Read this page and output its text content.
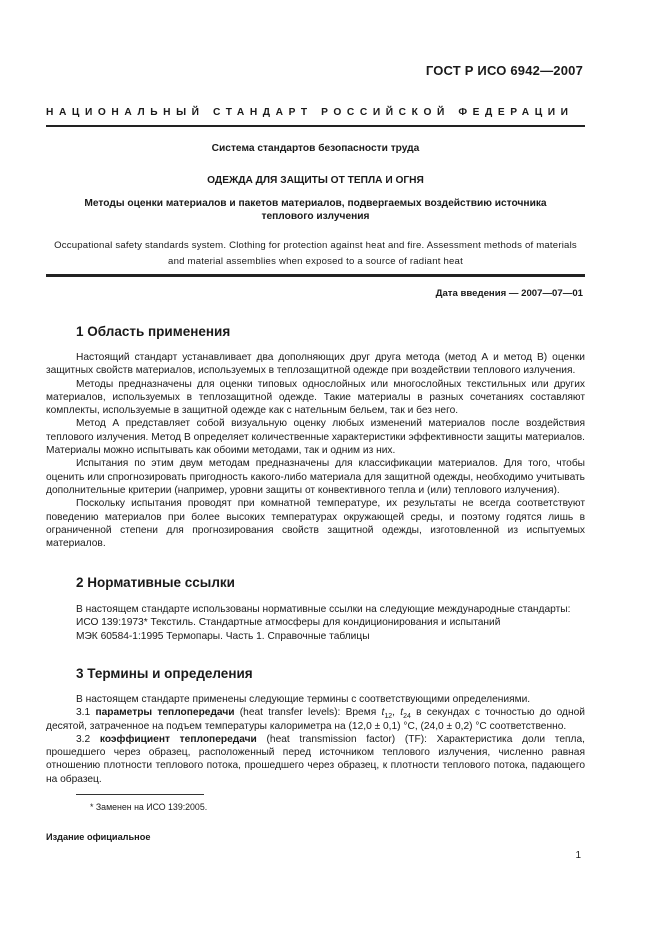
ГОСТ Р ИСО 6942—2007
НАЦИОНАЛЬНЫЙ СТАНДАРТ РОССИЙСКОЙ ФЕДЕРАЦИИ
Система стандартов безопасности труда
ОДЕЖДА ДЛЯ ЗАЩИТЫ ОТ ТЕПЛА И ОГНЯ
Методы оценки материалов и пакетов материалов, подвергаемых воздействию источника
теплового излучения
Occupational safety standards system. Clothing for protection against heat and fire. Assessment methods of materials
and material assemblies when exposed to a source of radiant heat
Дата введения — 2007—07—01
1 Область применения

Настоящий стандарт устанавливает два дополняющих друг друга метода (метод А и метод В) оценки защитных свойств материалов, используемых в теплозащитной одежде при воздействии теплового излучения.

Методы предназначены для оценки типовых однослойных или многослойных текстильных или других материалов, используемых в теплозащитной одежде. Такие материалы в разных сочетаниях составляют комплекты, используемые в защитной одежде как с нательным бельем, так и без него.

Метод А представляет собой визуальную оценку любых изменений материалов после воздействия теплового излучения. Метод В определяет количественные характеристики эффективности защиты материалов. Материалы можно испытывать как обоими методами, так и одним из них.

Испытания по этим двум методам предназначены для классификации материалов. Для того, чтобы оценить или спрогнозировать пригодность какого-либо материала для защитной одежды, необходимо учитывать дополнительные критерии (например, уровни защиты от конвективного тепла и (или) теплового излучения).

Поскольку испытания проводят при комнатной температуре, их результаты не всегда соответствуют поведению материалов при более высоких температурах окружающей среды, и поэтому годятся лишь в ограниченной степени для прогнозирования свойств защитной одежды, изготовленной из испытуемых материалов.

2 Нормативные ссылки

В настоящем стандарте использованы нормативные ссылки на следующие международные стандарты:

ИСО 139:1973* Текстиль. Стандартные атмосферы для кондиционирования и испытаний

МЭК 60584-1:1995 Термопары. Часть 1. Справочные таблицы

3 Термины и определения

В настоящем стандарте применены следующие термины с соответствующими определениями.

3.1 параметры теплопередачи (heat transfer levels): Время $t_{12}$, $t_{24}$ в секундах с точностью до одной десятой, затраченное на подъем температуры калориметра на (12,0 ± 0,1) °С, (24,0 ± 0,2) °С соответственно.

3.2 коэффициент теплопередачи (heat transmission factor) (TF): Характеристика доли тепла, прошедшего через образец, расположенный перед источником теплового излучения, численно равная отношению плотности теплового потока, прошедшего через образец, к плотности теплового потока, падающего на образец.

* Заменен на ИСО 139:2005.
Издание официальное
1
